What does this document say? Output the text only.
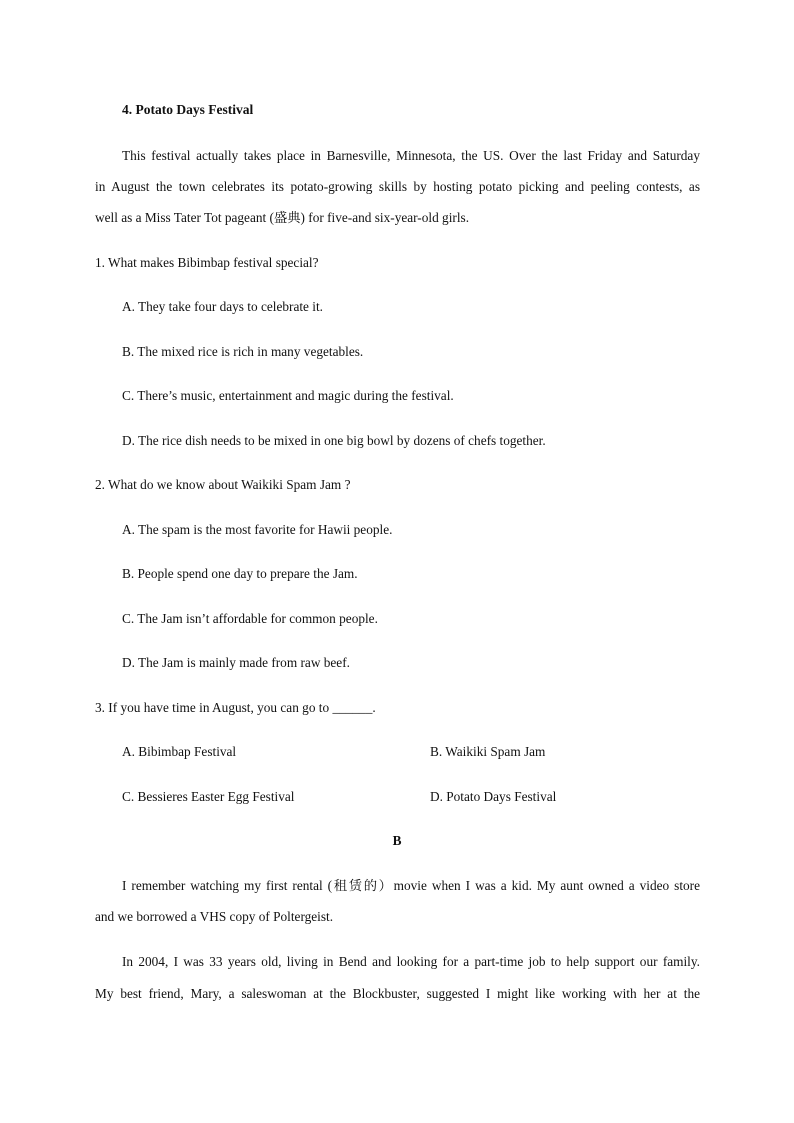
4. Potato Days Festival
This festival actually takes place in Barnesville, Minnesota, the US. Over the last Friday and Saturday
in August the town celebrates its potato-growing skills by hosting potato picking and peeling contests, as
well as a Miss Tater Tot pageant (盛典) for five-and six-year-old girls.
1. What makes Bibimbap festival special?
A. They take four days to celebrate it.
B. The mixed rice is rich in many vegetables.
C. There’s music, entertainment and magic during the festival.
D. The rice dish needs to be mixed in one big bowl by dozens of chefs together.
2. What do we know about Waikiki Spam Jam ?
A. The spam is the most favorite for Hawii people.
B. People spend one day to prepare the Jam.
C. The Jam isn’t affordable for common people.
D. The Jam is mainly made from raw beef.
3. If you have time in August, you can go to ______.
A. Bibimbap Festival	B. Waikiki Spam Jam
C. Bessieres Easter Egg Festival	D. Potato Days Festival
B
I remember watching my first rental (租赁的）movie when I was a kid. My aunt owned a video store
and we borrowed a VHS copy of Poltergeist.
In 2004, I was 33 years old, living in Bend and looking for a part-time job to help support our family.
My best friend, Mary, a saleswoman at the Blockbuster, suggested I might like working with her at the
